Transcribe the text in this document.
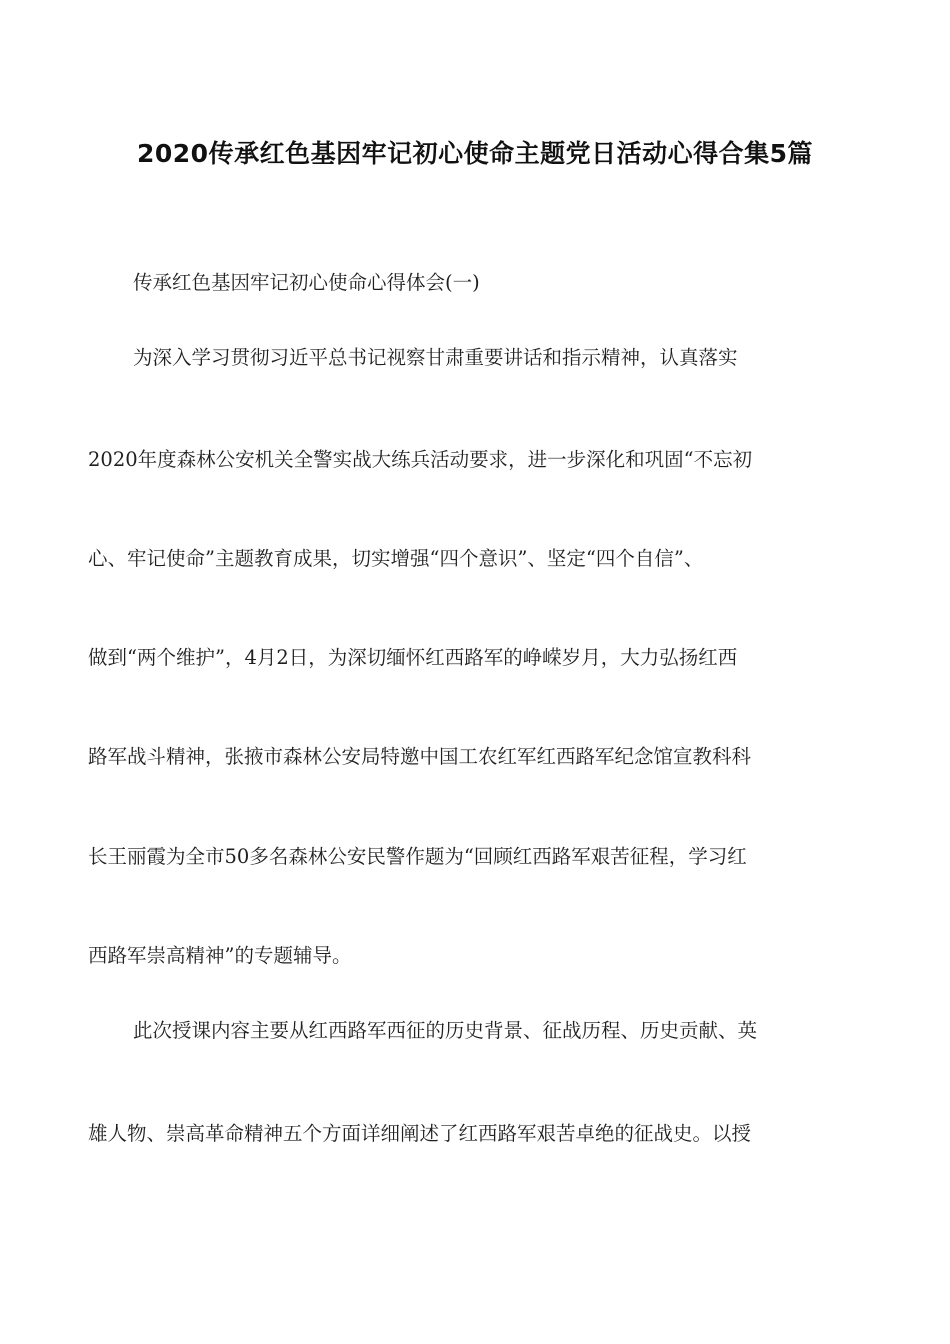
2020传承红色基因牢记初心使命主题党日活动心得合集5篇
传承红色基因牢记初心使命心得体会(一)
为深入学习贯彻习近平总书记视察甘肃重要讲话和指示精神，认真落实
2020年度森林公安机关全警实战大练兵活动要求，进一步深化和巩固“不忘初
心、牢记使命”主题教育成果，切实增强“四个意识”、坚定“四个自信”、
做到“两个维护”，4月2日，为深切缅怀红西路军的峥嵘岁月，大力弘扬红西
路军战斗精神，张掖市森林公安局特邀中国工农红军红西路军纪念馆宣教科科
长王丽霞为全市50多名森林公安民警作题为“回顾红西路军艰苦征程，学习红
西路军崇高精神”的专题辅导。
此次授课内容主要从红西路军西征的历史背景、征战历程、历史贡献、英
雄人物、崇高革命精神五个方面详细阐述了红西路军艰苦卓绝的征战史。以授
